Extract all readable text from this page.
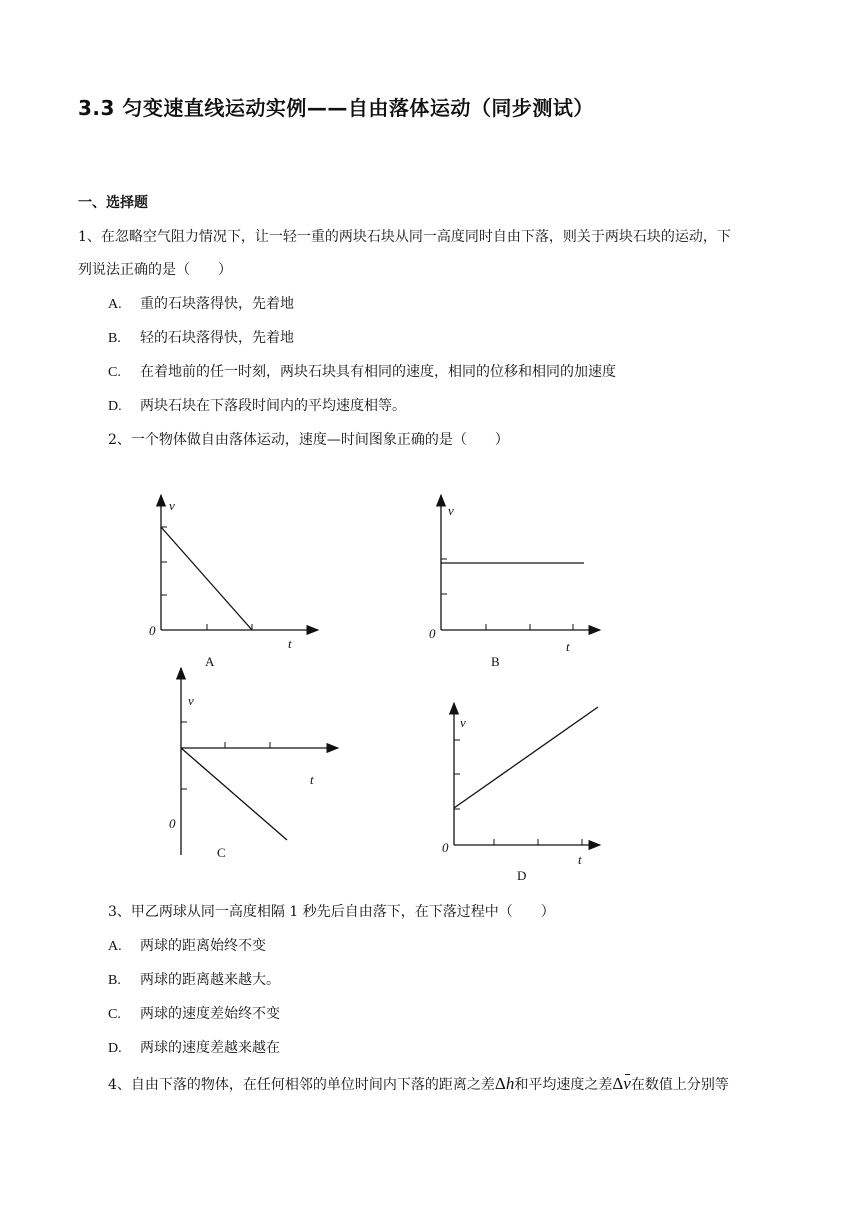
3.3 匀变速直线运动实例——自由落体运动（同步测试）
一、选择题

1、在忽略空气阻力情况下，让一轻一重的两块石块从同一高度同时自由下落，则关于两块石块的运动，下

列说法正确的是（　　）

A. 重的石块落得快，先着地
B. 轻的石块落得快，先着地
C. 在着地前的任一时刻，两块石块具有相同的速度，相同的位移和相同的加速度
D. 两块石块在下落段时间内的平均速度相等。

2、一个物体做自由落体运动，速度—时间图象正确的是（　　）

v
t
0
A
v
t
0
B
v
t
0
C
v
t
0
D

3、甲乙两球从同一高度相隔 1 秒先后自由落下，在下落过程中（　　）

A. 两球的距离始终不变
B. 两球的距离越来越大。
C. 两球的速度差始终不变
D. 两球的速度差越来越在

4、自由下落的物体，在任何相邻的单位时间内下落的距离之差Δh和平均速度之差Δv在数值上分别等
